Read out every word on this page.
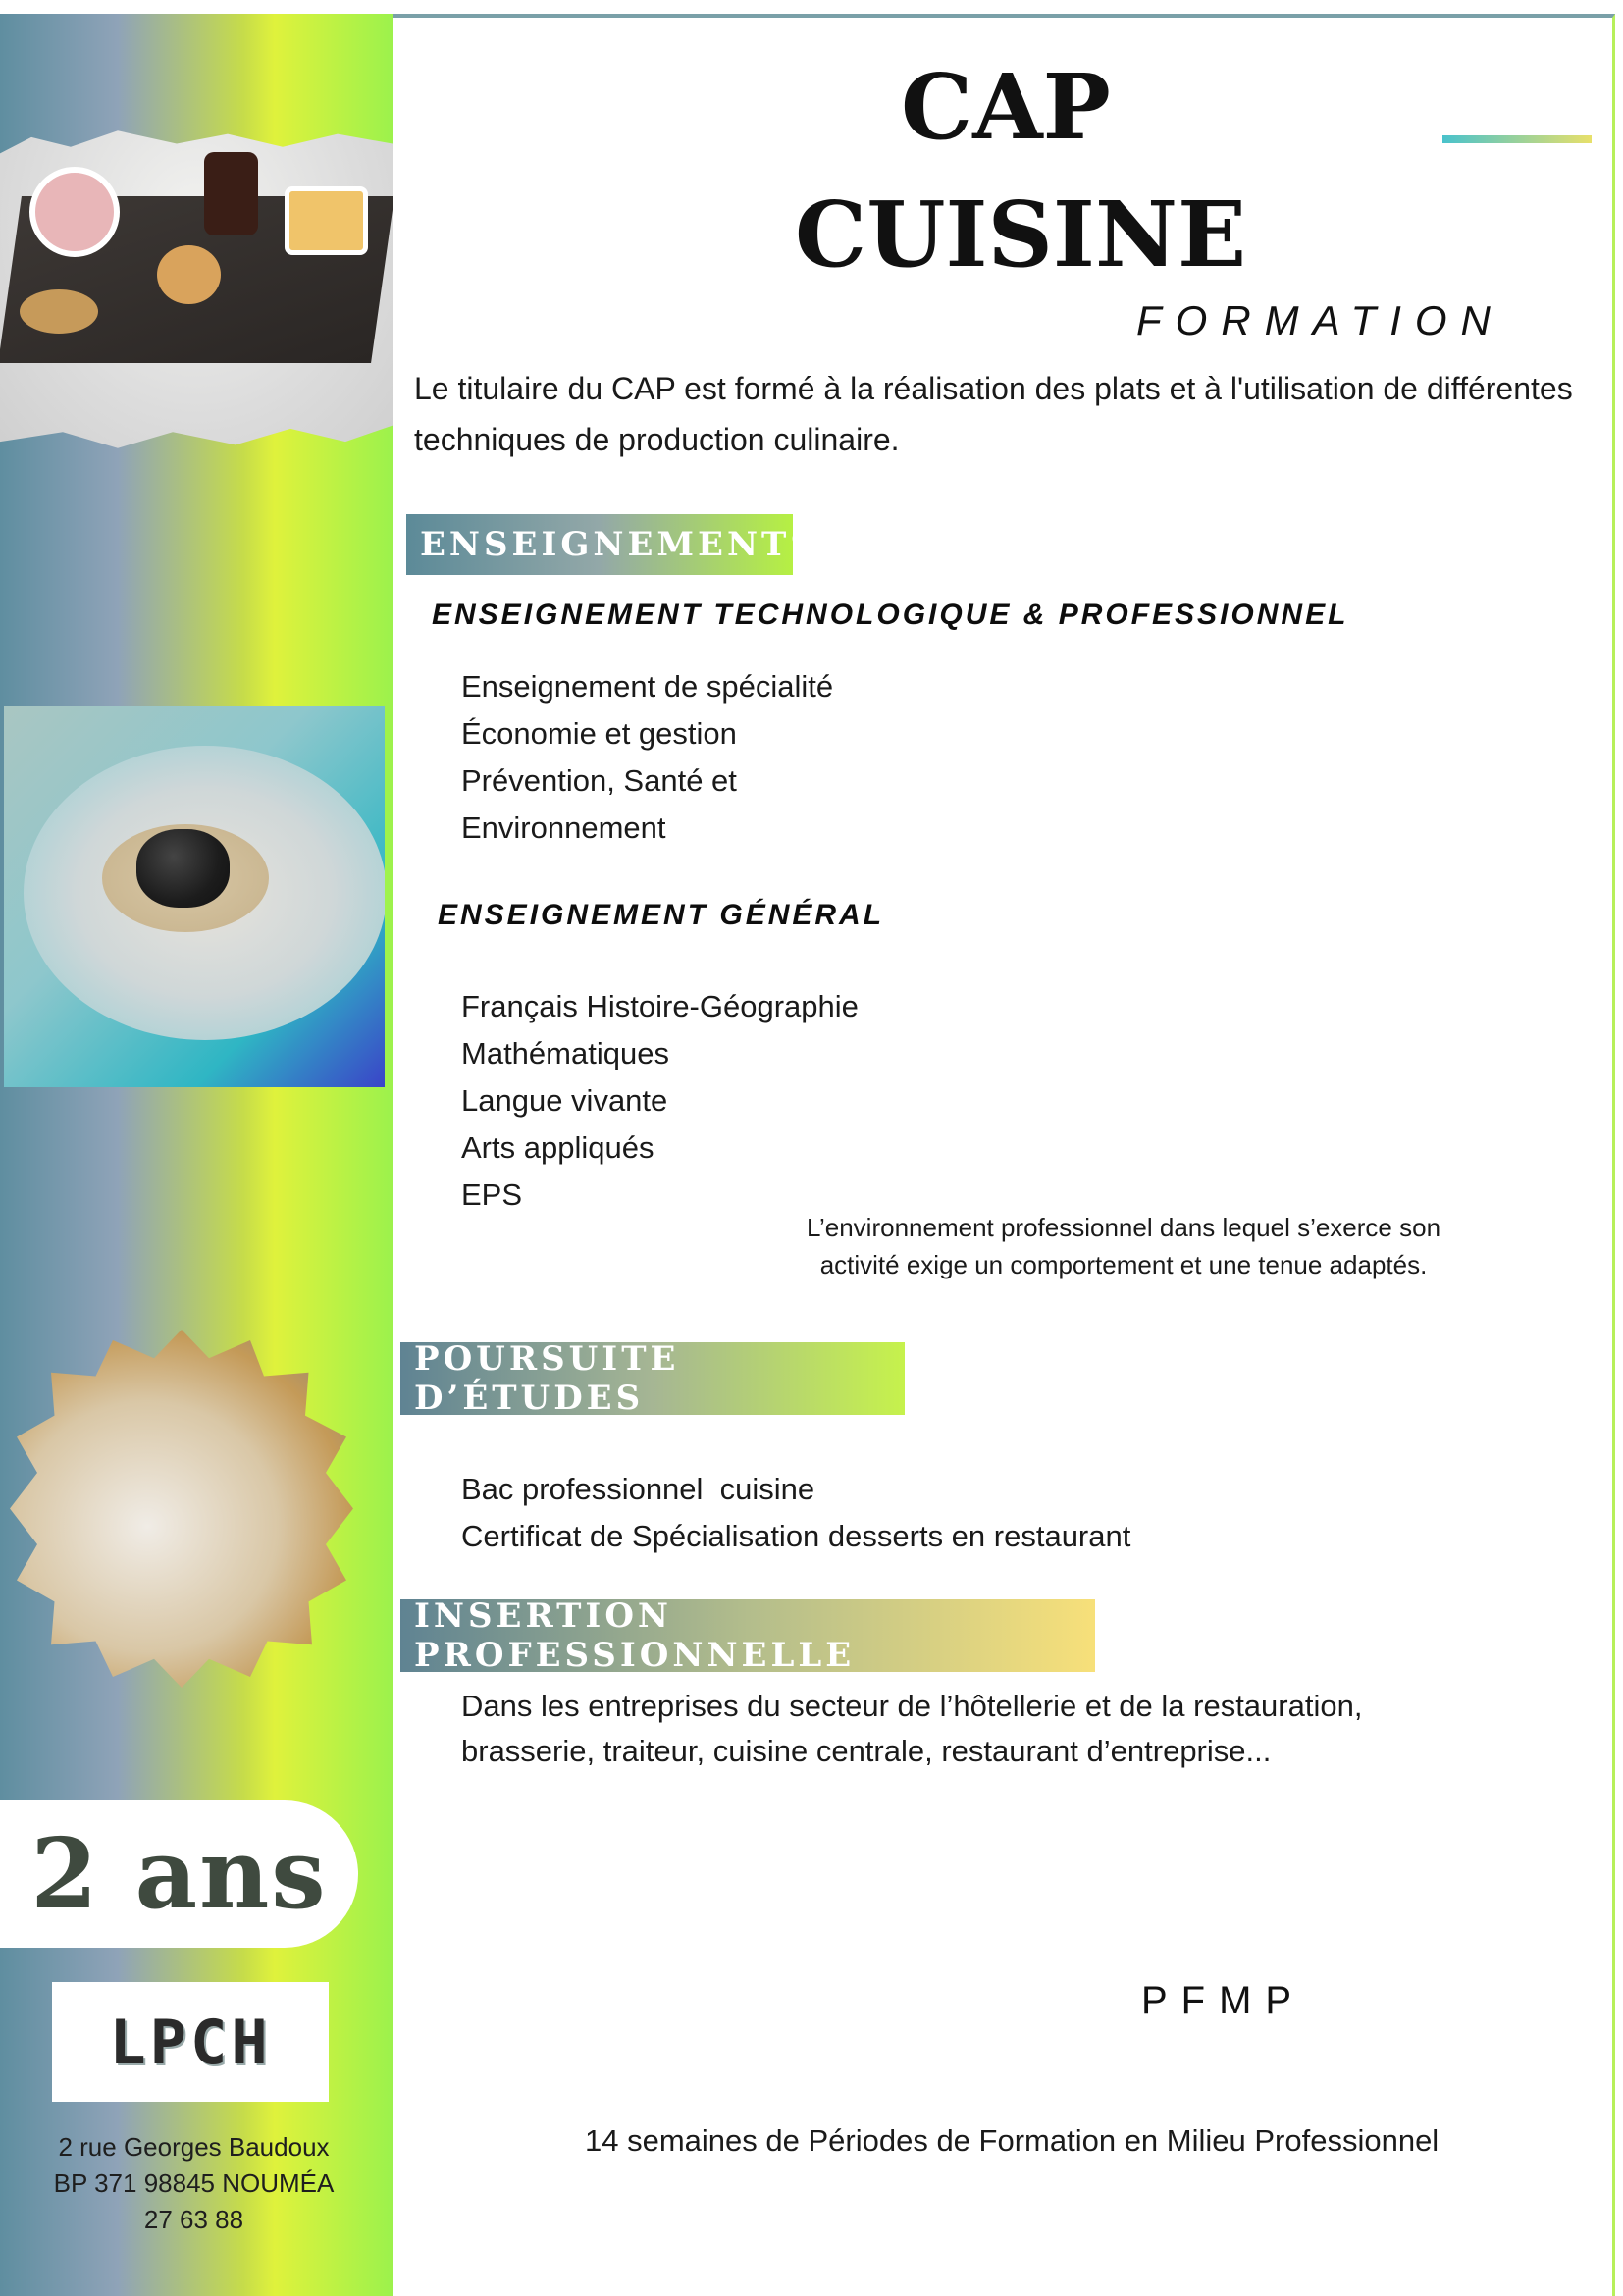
2 ans
LPCH
2 rue Georges Baudoux
BP 371 98845 NOUMÉA
27 63 88
CAP
CUISINE
FORMATION
Le titulaire du CAP est formé à la réalisation des plats et à l'utilisation de différentes techniques de production culinaire.
ENSEIGNEMENTS
ENSEIGNEMENT TECHNOLOGIQUE & PROFESSIONNEL
Enseignement de spécialité
Économie et gestion
Prévention, Santé et
Environnement
ENSEIGNEMENT GÉNÉRAL
Français Histoire-Géographie
Mathématiques
Langue vivante
Arts appliqués
EPS
L’environnement professionnel dans lequel s’exerce son
activité exige un comportement et une tenue adaptés.
POURSUITE D’ÉTUDES
Bac professionnel  cuisine
Certificat de Spécialisation desserts en restaurant
INSERTION PROFESSIONNELLE
Dans les entreprises du secteur de l’hôtellerie et de la restauration,
brasserie, traiteur, cuisine centrale, restaurant d’entreprise...
PFMP
14 semaines de Périodes de Formation en Milieu Professionnel
